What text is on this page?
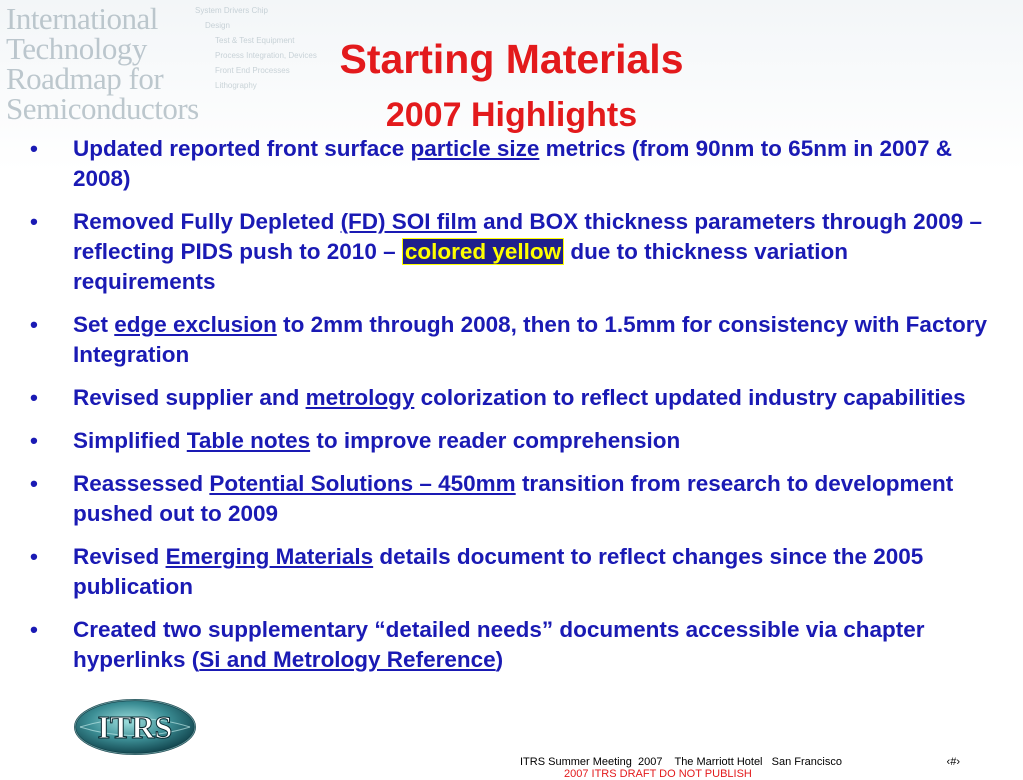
International
Technology
Roadmap for
Semiconductors
System Drivers Chip
Design
Test & Test Equipment
Process Integration, Devices
Front End Processes
Lithography
Starting Materials
2007 Highlights
• Updated reported front surface particle size metrics (from 90nm to 65nm in 2007 & 2008)
• Removed Fully Depleted (FD) SOI film and BOX thickness parameters through 2009 – reflecting PIDS push to 2010 – colored yellow due to thickness variation requirements
• Set edge exclusion to 2mm through 2008, then to 1.5mm for consistency with Factory Integration
• Revised supplier and metrology colorization to reflect updated industry capabilities
• Simplified Table notes to improve reader comprehension
• Reassessed Potential Solutions – 450mm transition from research to development pushed out to 2009
• Revised Emerging Materials details document to reflect changes since the 2005 publication
• Created two supplementary “detailed needs” documents accessible via chapter hyperlinks (Si and Metrology Reference)
ITRS
ITRS Summer Meeting  2007    The Marriott Hotel   San Francisco	‹#›
2007 ITRS DRAFT DO NOT PUBLISH
